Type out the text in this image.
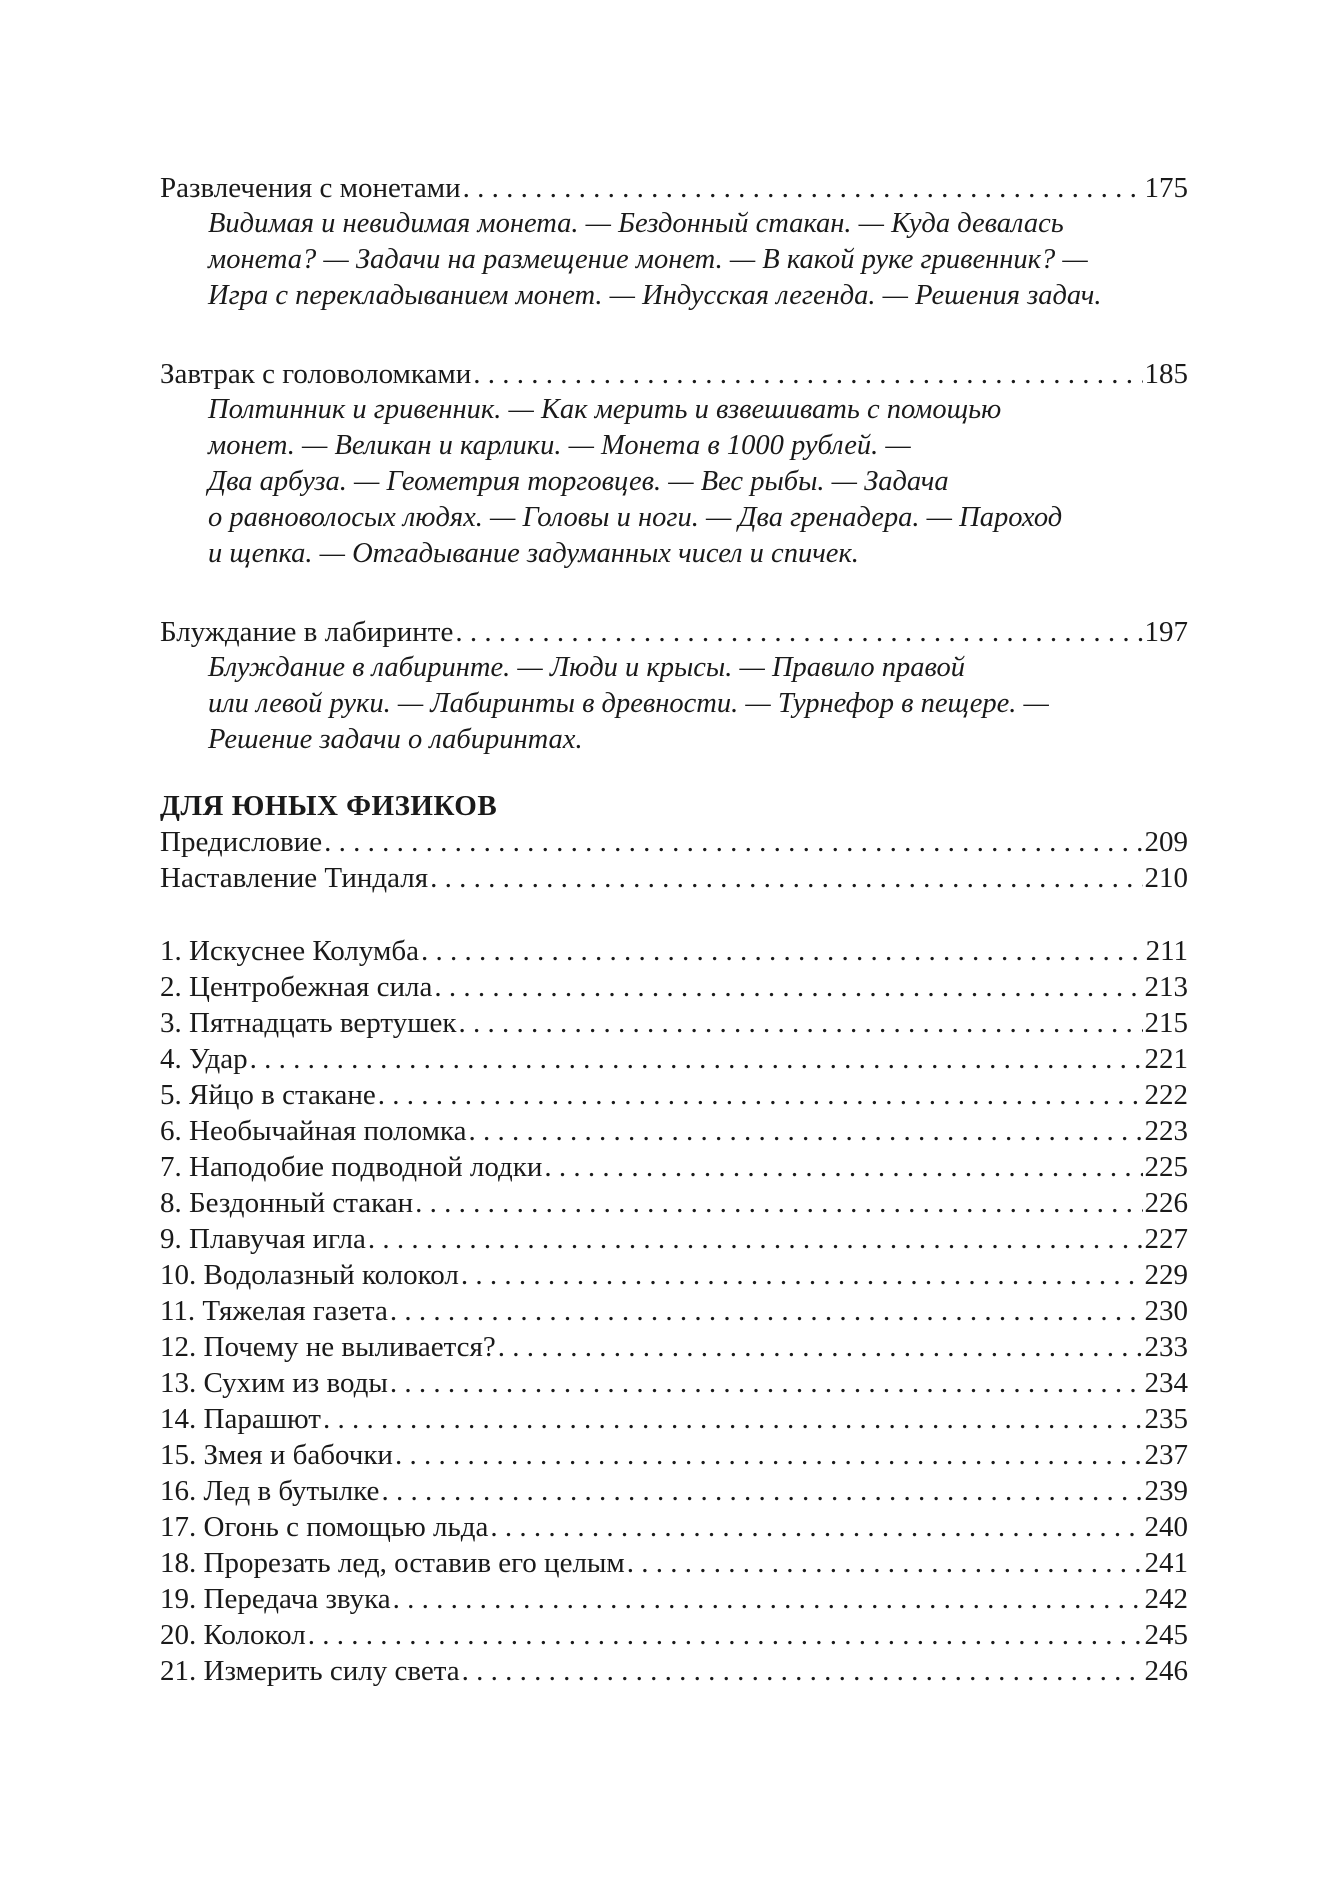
Развлечения с монетами . . .	175
Видимая и невидимая монета. — Бездонный стакан. — Куда девалась
монета? — Задачи на размещение монет. — В какой руке гривенник? —
Игра с перекладыванием монет. — Индусская легенда. — Решения задач.
Завтрак с головоломками . . .	185
Полтинник и гривенник. — Как мерить и взвешивать с помощью
монет. — Великан и карлики. — Монета в 1000 рублей. —
Два арбуза. — Геометрия торговцев. — Вес рыбы. — Задача
о равноволосых людях. — Головы и ноги. — Два гренадера. — Пароход
и щепка. — Отгадывание задуманных чисел и спичек.
Блуждание в лабиринте . . .	197
Блуждание в лабиринте. — Люди и крысы. — Правило правой
или левой руки. — Лабиринты в древности. — Турнефор в пещере. —
Решение задачи о лабиринтах.
ДЛЯ ЮНЫХ ФИЗИКОВ
Предисловие . . .	209
Наставление Тиндаля . . .	210
1. Искуснее Колумба . . .	211
2. Центробежная сила . . .	213
3. Пятнадцать вертушек . . .	215
4. Удар . . .	221
5. Яйцо в стакане . . .	222
6. Необычайная поломка . . .	223
7. Наподобие подводной лодки . . .	225
8. Бездонный стакан . . .	226
9. Плавучая игла . . .	227
10. Водолазный колокол . . .	229
11. Тяжелая газета . . .	230
12. Почему не выливается? . . .	233
13. Сухим из воды . . .	234
14. Парашют . . .	235
15. Змея и бабочки . . .	237
16. Лед в бутылке . . .	239
17. Огонь с помощью льда . . .	240
18. Прорезать лед, оставив его целым . . .	241
19. Передача звука . . .	242
20. Колокол . . .	245
21. Измерить силу света . . .	246
